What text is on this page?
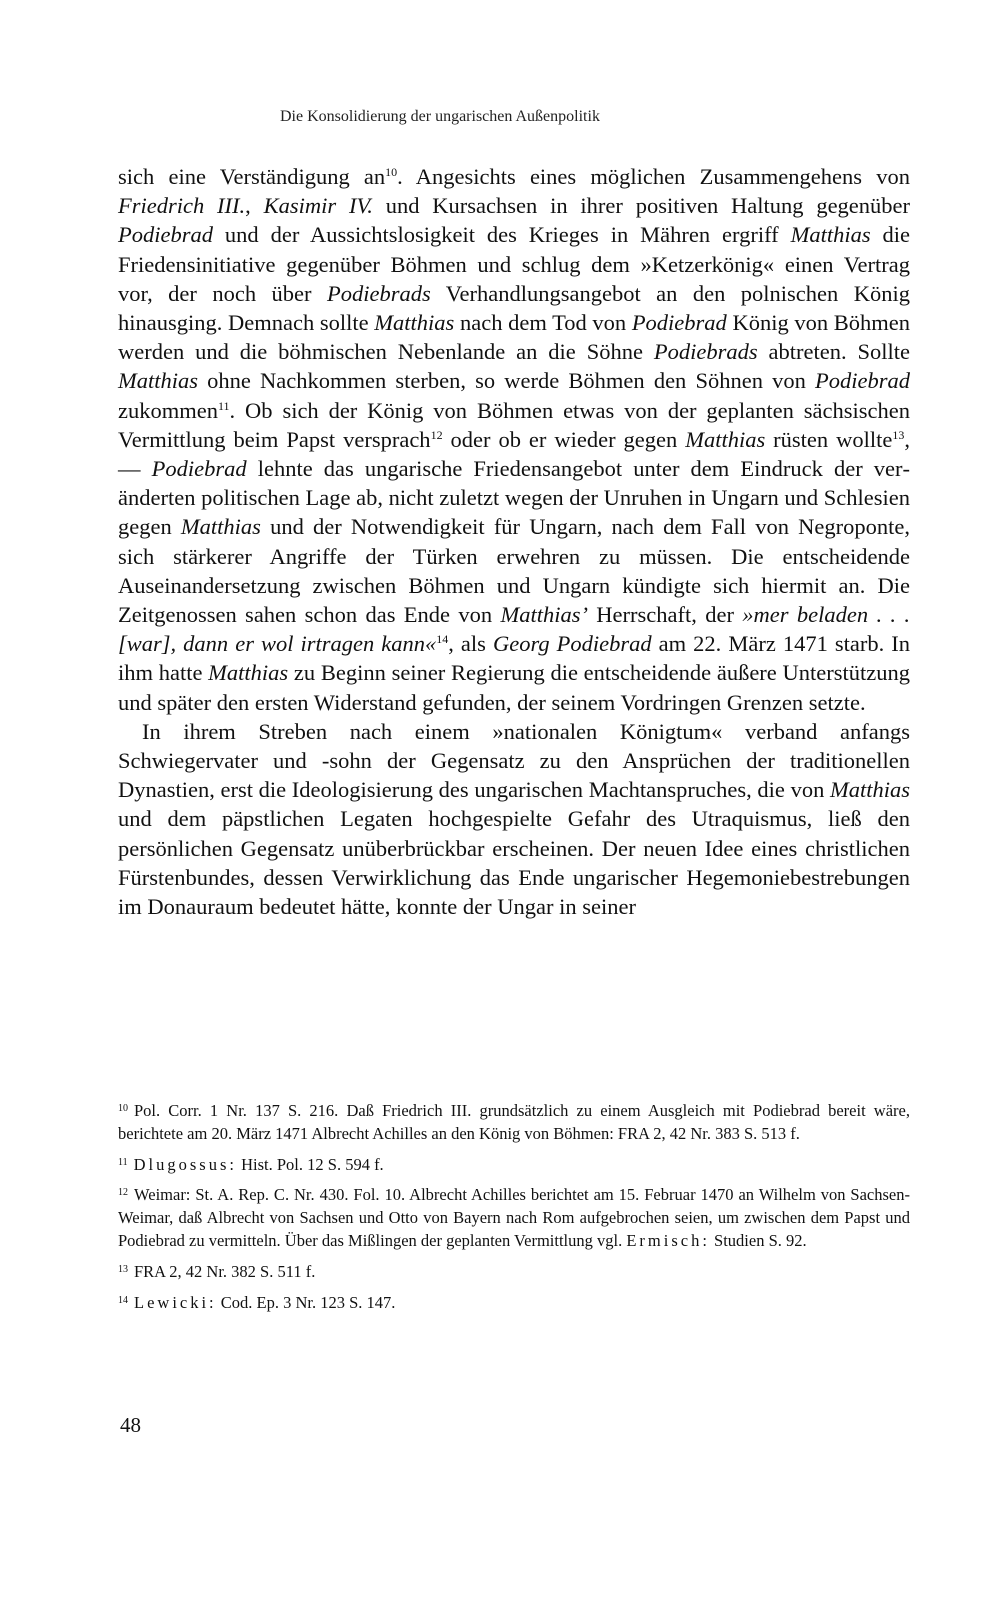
Die Konsolidierung der ungarischen Außenpolitik

sich eine Verständigung an$^{10}$. Angesichts eines möglichen Zusammengehens von Friedrich III., Kasimir IV. und Kursachsen in ihrer positiven Haltung gegenüber Podiebrad und der Aussichtslosigkeit des Krieges in Mähren ergriff Matthias die Friedensinitiative gegenüber Böhmen und schlug dem »Ketzerkönig« einen Vertrag vor, der noch über Podiebrads Verhandlungsangebot an den polnischen König hinausging. Demnach sollte Matthias nach dem Tod von Podiebrad König von Böhmen werden und die böhmischen Nebenlande an die Söhne Podiebrads abtreten. Sollte Matthias ohne Nachkommen sterben, so werde Böhmen den Söhnen von Podiebrad zukommen$^{11}$. Ob sich der König von Böhmen etwas von der geplanten sächsischen Vermittlung beim Papst versprach$^{12}$ oder ob er wieder gegen Matthias rüsten wollte$^{13}$, — Podiebrad lehnte das ungarische Friedensangebot unter dem Eindruck der veränderten politischen Lage ab, nicht zuletzt wegen der Unruhen in Ungarn und Schlesien gegen Matthias und der Notwendigkeit für Ungarn, nach dem Fall von Negroponte, sich stärkerer Angriffe der Türken erwehren zu müssen. Die entscheidende Auseinandersetzung zwischen Böhmen und Ungarn kündigte sich hiermit an. Die Zeitgenossen sahen schon das Ende von Matthias’ Herrschaft, der »mer beladen . . . [war], dann er wol irtragen kann«$^{14}$, als Georg Podiebrad am 22. März 1471 starb. In ihm hatte Matthias zu Beginn seiner Regierung die entscheidende äußere Unterstützung und später den ersten Widerstand gefunden, der seinem Vordringen Grenzen setzte.

In ihrem Streben nach einem »nationalen Königtum« verband anfangs Schwiegervater und -sohn der Gegensatz zu den Ansprüchen der traditionellen Dynastien, erst die Ideologisierung des ungarischen Machtanspruches, die von Matthias und dem päpstlichen Legaten hochgespielte Gefahr des Utraquismus, ließ den persönlichen Gegensatz unüberbrückbar erscheinen. Der neuen Idee eines christlichen Fürstenbundes, dessen Verwirklichung das Ende ungarischer Hegemoniebestrebungen im Donauraum bedeutet hätte, konnte der Ungar in seiner

$^{10}$ Pol. Corr. 1 Nr. 137 S. 216. Daß Friedrich III. grundsätzlich zu einem Ausgleich mit Podiebrad bereit wäre, berichtete am 20. März 1471 Albrecht Achilles an den König von Böhmen: FRA 2, 42 Nr. 383 S. 513 f.

$^{11}$ Dlugossus: Hist. Pol. 12 S. 594 f.

$^{12}$ Weimar: St. A. Rep. C. Nr. 430. Fol. 10. Albrecht Achilles berichtet am 15. Februar 1470 an Wilhelm von Sachsen-Weimar, daß Albrecht von Sachsen und Otto von Bayern nach Rom aufgebrochen seien, um zwischen dem Papst und Podiebrad zu vermitteln. Über das Mißlingen der geplanten Vermittlung vgl. Ermisch: Studien S. 92.

$^{13}$ FRA 2, 42 Nr. 382 S. 511 f.

$^{14}$ Lewicki: Cod. Ep. 3 Nr. 123 S. 147.

48
